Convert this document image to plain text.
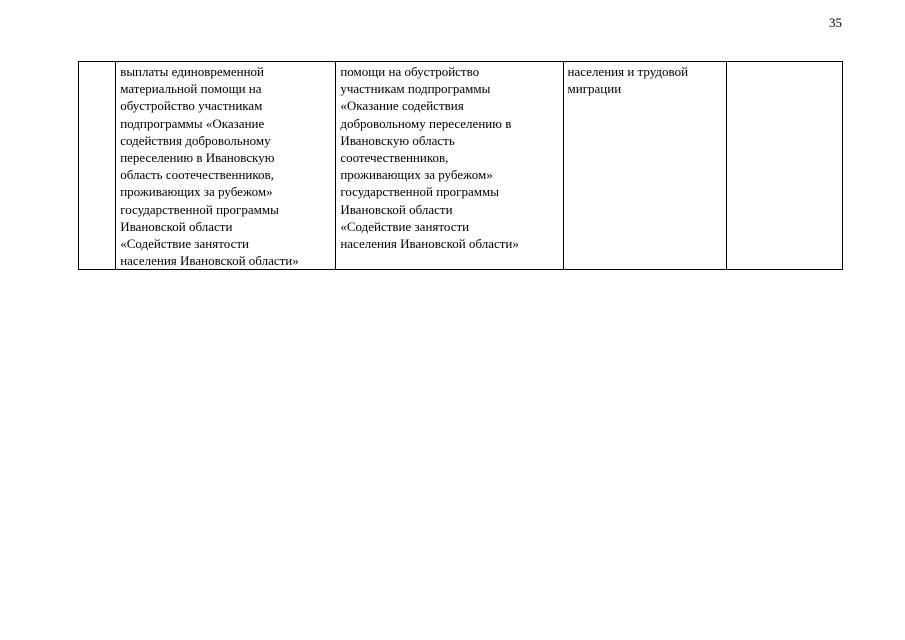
35
	выплаты единовременной
материальной помощи на
обустройство участникам
подпрограммы «Оказание
содействия добровольному
переселению в Ивановскую
область соотечественников,
проживающих за рубежом»
государственной программы
Ивановской области
«Содействие занятости
населения Ивановской области»	помощи на обустройство
участникам подпрограммы
«Оказание содействия
добровольному переселению в
Ивановскую область
соотечественников,
проживающих за рубежом»
государственной программы
Ивановской области
«Содействие занятости
населения Ивановской области»	населения и трудовой
миграции	
